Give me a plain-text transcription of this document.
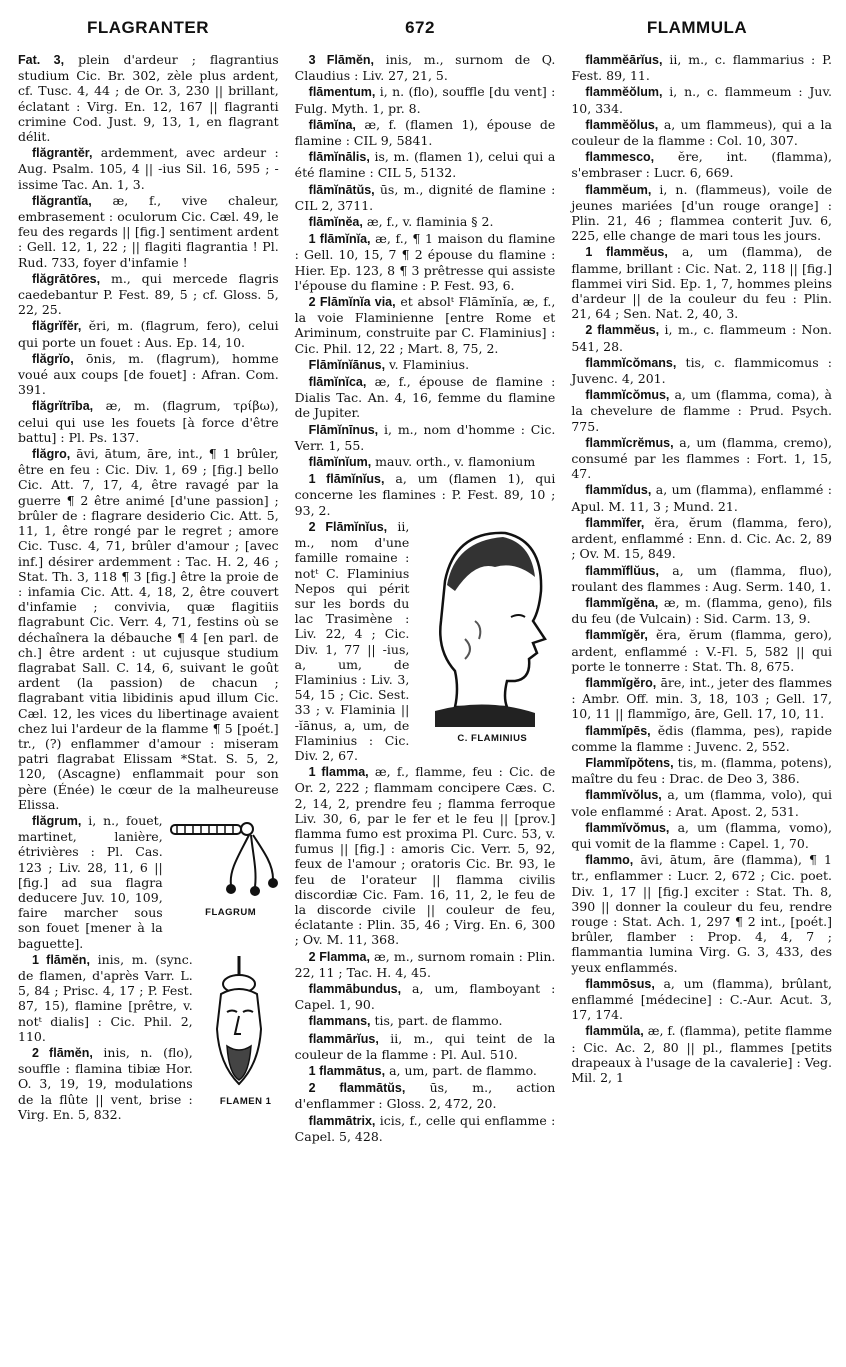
FLAGRANTER	672	FLAMMULA

Fat. 3, plein d'ardeur ; flagrantius studium Cic. Br. 302, zèle plus ardent, cf. Tusc. 4, 44 ; de Or. 3, 230 || brillant, éclatant : Virg. En. 12, 167 || flagranti crimine Cod. Just. 9, 13, 1, en flagrant délit.

flăgrantĕr, ardemment, avec ardeur : Aug. Psalm. 105, 4 || -ius Sil. 16, 595 ; -issime Tac. An. 1, 3.

flăgrantĭa, æ, f., vive chaleur, embrasement : oculorum Cic. Cæl. 49, le feu des regards || [fig.] sentiment ardent : Gell. 12, 1, 22 ; || flagiti flagrantia ! Pl. Rud. 733, foyer d'infamie !

flăgrātōres, m., qui mercede flagris caedebantur P. Fest. 89, 5 ; cf. Gloss. 5, 22, 25.

flăgrĭfĕr, ĕri, m. (flagrum, fero), celui qui porte un fouet : Aus. Ep. 14, 10.

flăgrĭo, ōnis, m. (flagrum), homme voué aux coups [de fouet] : Afran. Com. 391.

flăgrĭtrība, æ, m. (flagrum, τρίβω), celui qui use les fouets [à force d'être battu] : Pl. Ps. 137.

flăgro, āvi, ātum, āre, int., ¶ 1 brûler, être en feu : Cic. Div. 1, 69 ; [fig.] bello Cic. Att. 7, 17, 4, être ravagé par la guerre ¶ 2 être animé [d'une passion] ; brûler de : flagrare desiderio Cic. Att. 5, 11, 1, être rongé par le regret ; amore Cic. Tusc. 4, 71, brûler d'amour ; [avec inf.] désirer ardemment : Tac. H. 2, 46 ; Stat. Th. 3, 118 ¶ 3 [fig.] être la proie de : infamia Cic. Att. 4, 18, 2, être couvert d'infamie ; conviviа, quæ flagitiis flagrabunt Cic. Verr. 4, 71, festins où se déchaînera la débauche ¶ 4 [en parl. de ch.] être ardent : ut cujusque studium flagrabat Sall. C. 14, 6, suivant le goût ardent (la passion) de chacun ; flagrabant vitia libidinis apud illum Cic. Cæl. 12, les vices du libertinage avaient chez lui l'ardeur de la flamme ¶ 5 [poét.] tr., (?) enflammer d'amour : miseram patri flagrabat Elissam *Stat. S. 5, 2, 120, (Ascagne) enflammait pour son père (Énée) le cœur de la malheureuse Elissa.

FLAGRUM
flăgrum, i, n., fouet, martinet, lanière, étrivières : Pl. Cas. 123 ; Liv. 28, 11, 6 || [fig.] ad sua flagra deducere Juv. 10, 109, faire marcher sous son fouet [mener à la baguette].

FLAMEN 1
1 flāmĕn, inis, m. (sync. de flamen, d'après Varr. L. 5, 84 ; Prisc. 4, 17 ; P. Fest. 87, 15), flamine [prêtre, v. notᵗ dialis] : Cic. Phil. 2, 110.

2 flāmĕn, inis, n. (flo), souffle : flamina tibiæ Hor. O. 3, 19, 19, modulations de la flûte || vent, brise : Virg. En. 5, 832.

3 Flāmĕn, inis, m., surnom de Q. Claudius : Liv. 27, 21, 5.

flāmentum, i, n. (flo), souffle [du vent] : Fulg. Myth. 1, pr. 8.

flāmĭna, æ, f. (flamen 1), épouse de flamine : CIL 9, 5841.

flāmĭnālis, is, m. (flamen 1), celui qui a été flamine : CIL 5, 5132.

flāmĭnātŭs, ūs, m., dignité de flamine : CIL 2, 3711.

flāmĭnĕa, æ, f., v. flaminia § 2.

1 flāmĭnĭa, æ, f., ¶ 1 maison du flamine : Gell. 10, 15, 7 ¶ 2 épouse du flamine : Hier. Ep. 123, 8 ¶ 3 prêtresse qui assiste l'épouse du flamine : P. Fest. 93, 6.

2 Flāmĭnĭa via, et absolᵗ Flāmĭnĭa, æ, f., la voie Flaminienne [entre Rome et Ariminum, construite par C. Flaminius] : Cic. Phil. 12, 22 ; Mart. 8, 75, 2.

Flāmĭnĭānus, v. Flaminius.

flāmĭnĭca, æ, f., épouse de flamine : Dialis Tac. An. 4, 16, femme du flamine de Jupiter.

Flāmĭnīnus, i, m., nom d'homme : Cic. Verr. 1, 55.

flāmĭnĭum, mauv. orth., v. flamonium

1 flāmĭnĭus, a, um (flamen 1), qui concerne les flamines : P. Fest. 89, 10 ; 93, 2.

C. FLAMINIUS
2 Flāmĭnĭus, ii, m., nom d'une famille romaine : notᵗ C. Flaminius Nepos qui périt sur les bords du lac Trasimène : Liv. 22, 4 ; Cic. Div. 1, 77 || -ius, a, um, de Flaminius : Liv. 3, 54, 15 ; Cic. Sest. 33 ; v. Flaminia || -ĭānus, a, um, de Flaminius : Cic. Div. 2, 67.

1 flamma, æ, f., flamme, feu : Cic. de Or. 2, 222 ; flammam concipere Cæs. C. 2, 14, 2, prendre feu ; flamma ferroque Liv. 30, 6, par le fer et le feu || [prov.] flamma fumo est proxima Pl. Curc. 53, v. fumus || [fig.] : amoris Cic. Verr. 5, 92, feux de l'amour ; oratoris Cic. Br. 93, le feu de l'orateur || flamma civilis discordiæ Cic. Fam. 16, 11, 2, le feu de la discorde civile || couleur de feu, éclatante : Plin. 35, 46 ; Virg. En. 6, 300 ; Ov. M. 11, 368.

2 Flamma, æ, m., surnom romain : Plin. 22, 11 ; Tac. H. 4, 45.

flammābundus, a, um, flamboyant : Capel. 1, 90.

flammans, tis, part. de flammo.

flammārĭus, ii, m., qui teint de la couleur de la flamme : Pl. Aul. 510.

1 flammātus, a, um, part. de flammo.

2 flammātŭs, ūs, m., action d'enflammer : Gloss. 2, 472, 20.

flammātrix, icis, f., celle qui enflamme : Capel. 5, 428.

flammĕārĭus, ii, m., c. flammarius : P. Fest. 89, 11.

flammĕŏlum, i, n., c. flammeum : Juv. 10, 334.

flammĕŏlus, a, um flammeus), qui a la couleur de la flamme : Col. 10, 307.

flammesco, ĕre, int. (flamma), s'embraser : Lucr. 6, 669.

flammĕum, i, n. (flammeus), voile de jeunes mariées [d'un rouge orange] : Plin. 21, 46 ; flammea conterit Juv. 6, 225, elle change de mari tous les jours.

1 flammĕus, a, um (flamma), de flamme, brillant : Cic. Nat. 2, 118 || [fig.] flammei viri Sid. Ep. 1, 7, hommes pleins d'ardeur || de la couleur du feu : Plin. 21, 64 ; Sen. Nat. 2, 40, 3.

2 flammĕus, i, m., c. flammeum : Non. 541, 28.

flammĭcŏmans, tis, c. flammicomus : Juvenc. 4, 201.

flammĭcŏmus, a, um (flamma, coma), à la chevelure de flamme : Prud. Psych. 775.

flammĭcrĕmus, a, um (flamma, cremo), consumé par les flammes : Fort. 1, 15, 47.

flammĭdus, a, um (flamma), enflammé : Apul. M. 11, 3 ; Mund. 21.

flammĭfer, ĕra, ĕrum (flamma, fero), ardent, enflammé : Enn. d. Cic. Ac. 2, 89 ; Ov. M. 15, 849.

flammĭflŭus, a, um (flamma, fluo), roulant des flammes : Aug. Serm. 140, 1.

flammĭgĕna, æ, m. (flamma, geno), fils du feu (de Vulcain) : Sid. Carm. 13, 9.

flammĭgĕr, ĕra, ĕrum (flamma, gero), ardent, enflammé : V.-Fl. 5, 582 || qui porte le tonnerre : Stat. Th. 8, 675.

flammĭgĕro, āre, int., jeter des flammes : Ambr. Off. min. 3, 18, 103 ; Gell. 17, 10, 11 || flammĭgo, āre, Gell. 17, 10, 11.

flammĭpēs, ĕdis (flamma, pes), rapide comme la flamme : Juvenc. 2, 552.

Flammĭpŏtens, tis, m. (flamma, potens), maître du feu : Drac. de Deo 3, 386.

flammĭvŏlus, a, um (flamma, volo), qui vole enflammé : Arat. Apost. 2, 531.

flammĭvŏmus, a, um (flamma, vomo), qui vomit de la flamme : Capel. 1, 70.

flammo, āvi, ātum, āre (flamma), ¶ 1 tr., enflammer : Lucr. 2, 672 ; Cic. poet. Div. 1, 17 || [fig.] exciter : Stat. Th. 8, 390 || donner la couleur du feu, rendre rouge : Stat. Ach. 1, 297 ¶ 2 int., [poét.] brûler, flamber : Prop. 4, 4, 7 ; flammantia lumina Virg. G. 3, 433, des yeux enflammés.

flammōsus, a, um (flamma), brûlant, enflammé [médecine] : C.-Aur. Acut. 3, 17, 174.

flammŭla, æ, f. (flamma), petite flamme : Cic. Ac. 2, 80 || pl., flammes [petits drapeaux à l'usage de la cavalerie] : Veg. Mil. 2, 1
